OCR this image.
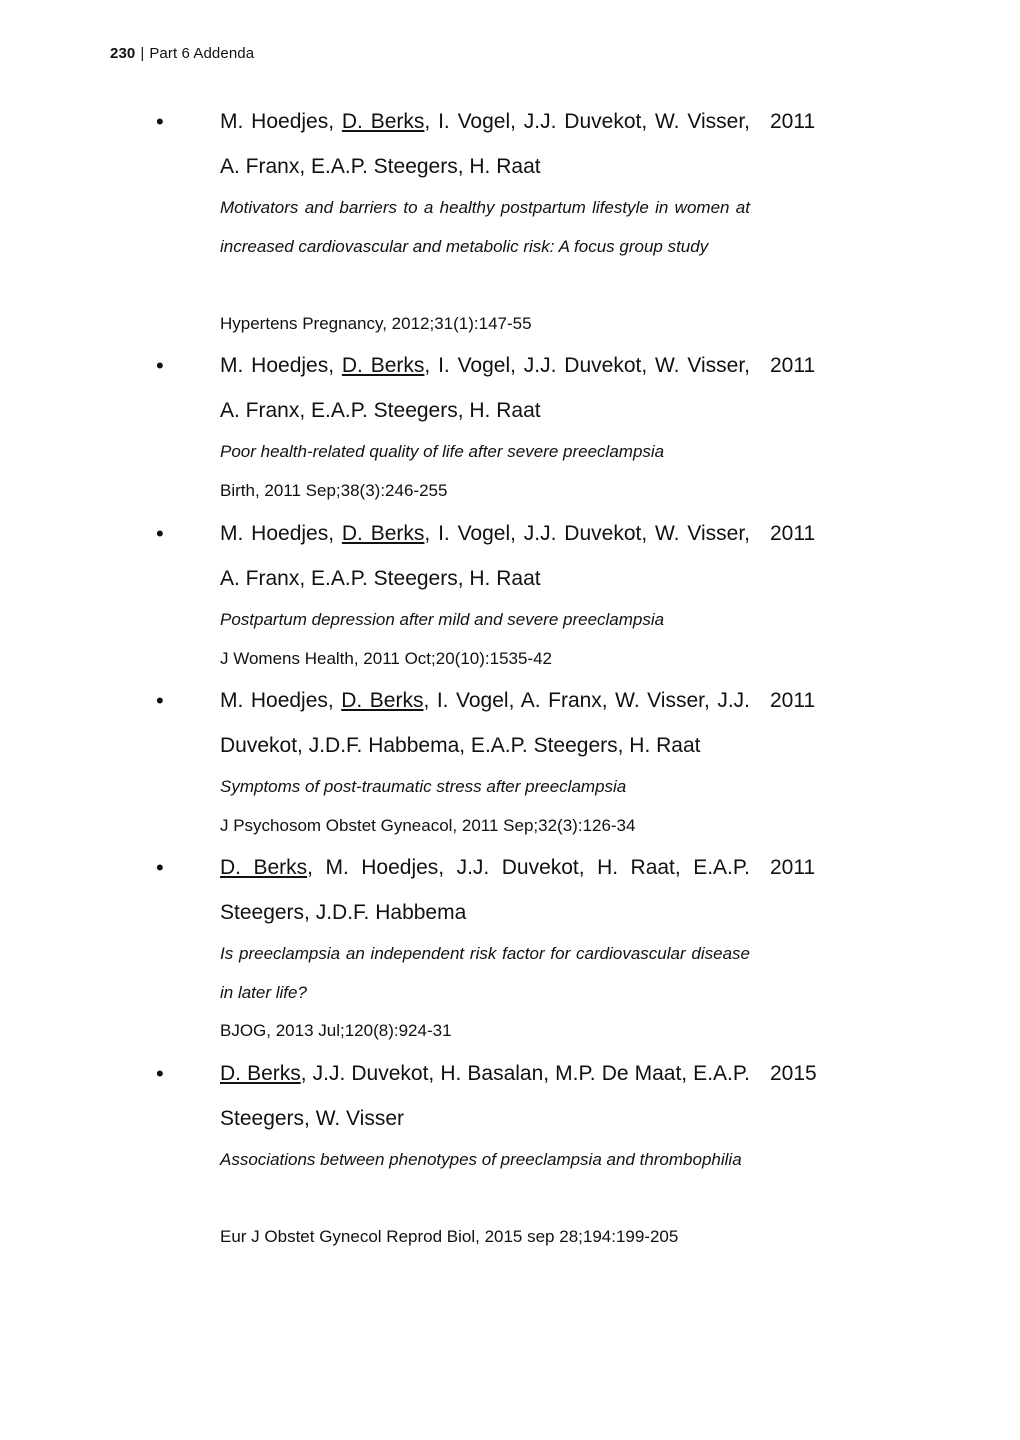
230 | Part 6 Addenda
•	M. Hoedjes, D. Berks, I. Vogel, J.J. Duvekot, W. Visser, A. Franx, E.A.P. Steegers, H. Raat
2011
Motivators and barriers to a healthy postpartum lifestyle in women at increased cardiovascular and metabolic risk: A focus group study
Hypertens Pregnancy, 2012;31(1):147-55
•	M. Hoedjes, D. Berks, I. Vogel, J.J. Duvekot, W. Visser, A. Franx, E.A.P. Steegers, H. Raat
2011
Poor health-related quality of life after severe preeclampsia
Birth, 2011 Sep;38(3):246-255
•	M. Hoedjes, D. Berks, I. Vogel, J.J. Duvekot, W. Visser, A. Franx, E.A.P. Steegers, H. Raat
2011
Postpartum depression after mild and severe preeclampsia
J Womens Health, 2011 Oct;20(10):1535-42
•	M. Hoedjes, D. Berks, I. Vogel, A. Franx, W. Visser, J.J. Duvekot, J.D.F. Habbema, E.A.P. Steegers, H. Raat
2011
Symptoms of post-traumatic stress after preeclampsia
J Psychosom Obstet Gyneacol, 2011 Sep;32(3):126-34
•	D. Berks, M. Hoedjes, J.J. Duvekot, H. Raat, E.A.P. Steegers, J.D.F. Habbema
2011
Is preeclampsia an independent risk factor for cardiovascular disease in later life?
BJOG, 2013 Jul;120(8):924-31
•	D. Berks, J.J. Duvekot, H. Basalan, M.P. De Maat, E.A.P. Steegers, W. Visser
2015
Associations between phenotypes of preeclampsia and thrombophilia
Eur J Obstet Gynecol Reprod Biol, 2015 sep 28;194:199-205
